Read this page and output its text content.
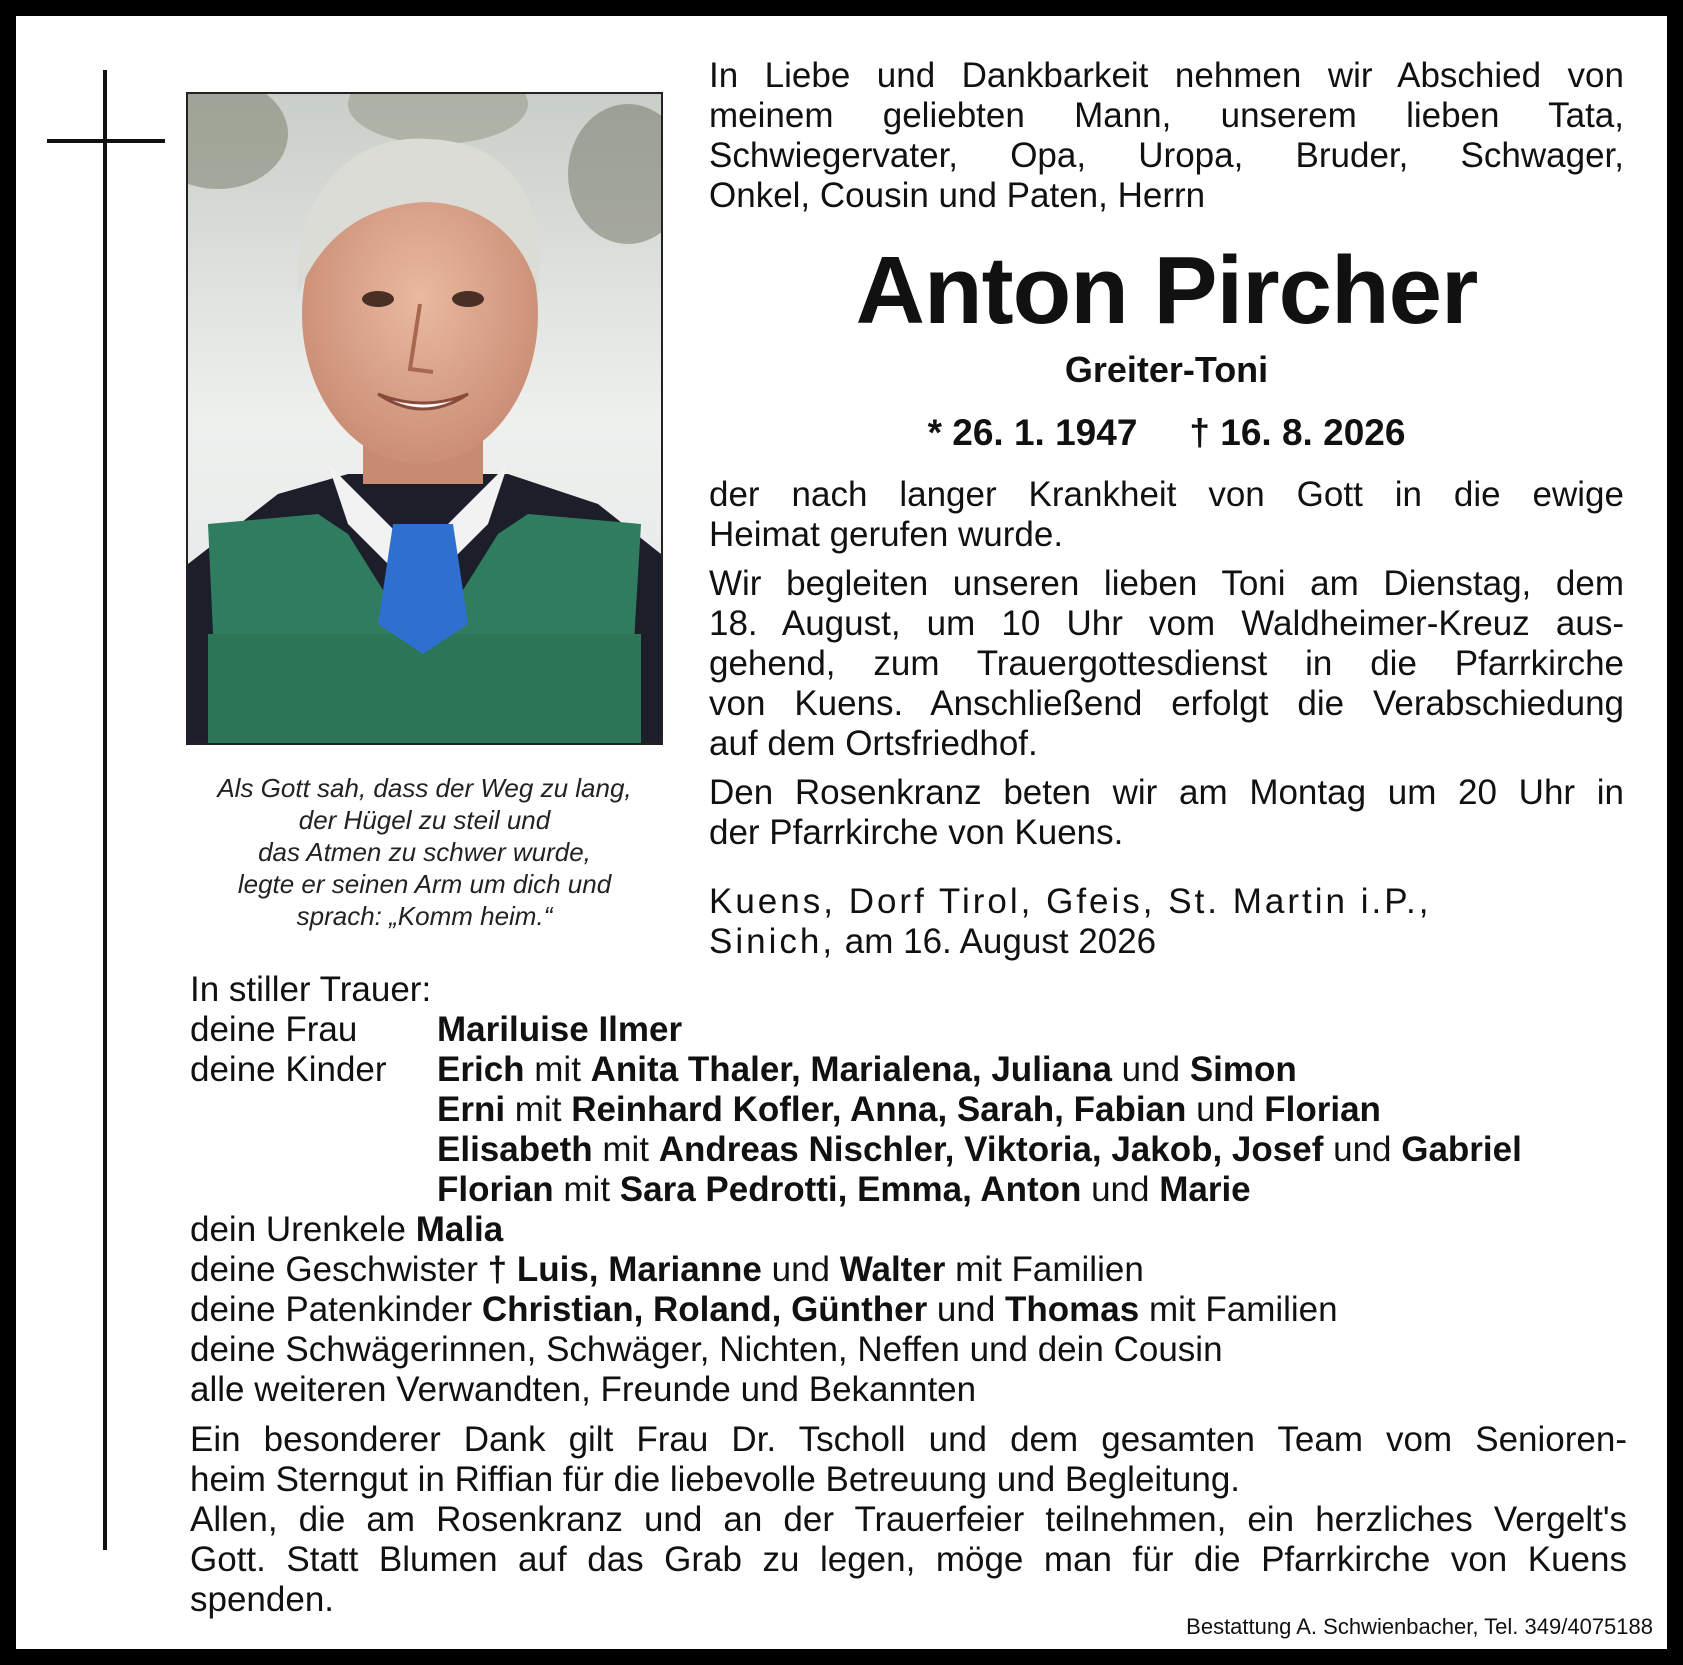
Als Gott sah, dass der Weg zu lang,
der Hügel zu steil und
das Atmen zu schwer wurde,
legte er seinen Arm um dich und
sprach: „Komm heim.“
In Liebe und Dankbarkeit nehmen wir Abschied von
meinem geliebten Mann, unserem lieben Tata,
Schwiegervater, Opa, Uropa, Bruder, Schwager,
Onkel, Cousin und Paten, Herrn
Anton Pircher
Greiter-Toni
* 26. 1. 1947 † 16. 8. 2026
der nach langer Krankheit von Gott in die ewige
Heimat gerufen wurde.
Wir begleiten unseren lieben Toni am Dienstag, dem
18. August, um 10 Uhr vom Waldheimer-Kreuz aus-
gehend, zum Trauergottesdienst in die Pfarrkirche
von Kuens. Anschließend erfolgt die Verabschiedung
auf dem Ortsfriedhof.
Den Rosenkranz beten wir am Montag um 20 Uhr in
der Pfarrkirche von Kuens.
Kuens, Dorf Tirol, Gfeis, St. Martin i.P.,
Sinich, am 16. August 2026
In stiller Trauer:
deine Frau Mariluise Ilmer
deine Kinder Erich mit Anita Thaler, Marialena, Juliana und Simon
Erni mit Reinhard Kofler, Anna, Sarah, Fabian und Florian
Elisabeth mit Andreas Nischler, Viktoria, Jakob, Josef und Gabriel
Florian mit Sara Pedrotti, Emma, Anton und Marie
dein Urenkele Malia
deine Geschwister † Luis, Marianne und Walter mit Familien
deine Patenkinder Christian, Roland, Günther und Thomas mit Familien
deine Schwägerinnen, Schwäger, Nichten, Neffen und dein Cousin
alle weiteren Verwandten, Freunde und Bekannten
Ein besonderer Dank gilt Frau Dr. Tscholl und dem gesamten Team vom Senioren-
heim Sterngut in Riffian für die liebevolle Betreuung und Begleitung.
Allen, die am Rosenkranz und an der Trauerfeier teilnehmen, ein herzliches Vergelt's
Gott. Statt Blumen auf das Grab zu legen, möge man für die Pfarrkirche von Kuens
spenden.
Bestattung A. Schwienbacher, Tel. 349/4075188
